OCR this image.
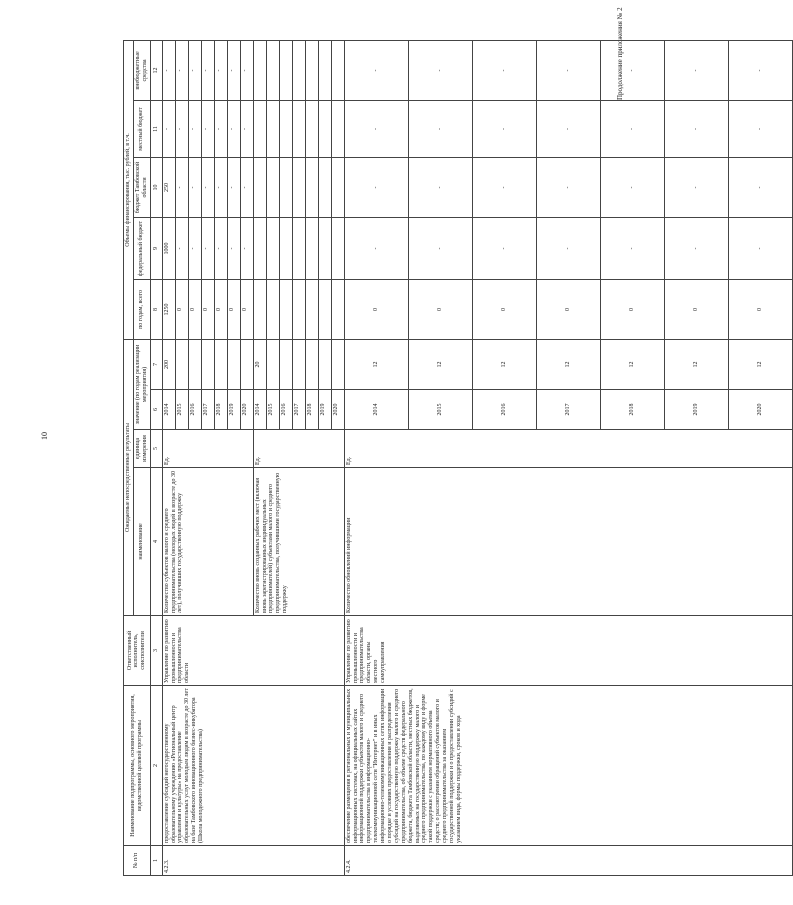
10
Продолжение приложения № 2
№ п/п	Наименование подпрограммы, основного мероприятия, ведомственной целевой программы	Ответственный исполнитель, соисполнители	Ожидаемые непосредственные результаты				Объемы финансирования, тыс. рублей, в т.ч.				
			наименование	единица измерения	значение (по годам реализации мероприятия)		по годам, всего	федеральный бюджет	бюджет Тамбовской области	местный бюджет	внебюджетные средства
1	2	3	4	5	6	7	8	9	10	11	12
4.2.3.	предоставление субсидий негосударственному образовательному учреждению «Региональный центр управления и культуры» на предоставление образовательных услуг молодым людям в возрасте до 30 лет на базе Тамбовского инновационного бизнес-инкубатора (Школа молодежного предпринимательства)	Управление по развитию промышленности и предпринимательства области	Количество субъектов малого и среднего предпринимательства (молодых людей в возрасте до 30 лет), получивших государственную поддержку	Ед.	2014	200	1250	1000	250	-	-
					2015		0	-	-	-	-
					2016		0	-	-	-	-
					2017		0	-	-	-	-
					2018		0	-	-	-	-
					2019		0	-	-	-	-
					2020		0	-	-	-	-
			Количество вновь созданных рабочих мест (включая вновь зарегистрированных индивидуальных предпринимателей) субъектами малого и среднего предпринимательства, получившими государственную поддержку	Ед.	2014	20					
					2015						
					2016						
					2017						
					2018						
					2019						
					2020						
4.2.4.	обеспечение размещения в региональных и муниципальных информационных системах, на официальных сайтах информационной поддержки субъектов малого и среднего предпринимательства в информационно-телекоммуникационной сети "Интернет" и в иных информационно-телекоммуникационных сетях информации о порядке и условиях предоставления и распределения субсидий на государственную поддержку малого и среднего предпринимательства, об объеме средств федерального бюджета, бюджета Тамбовской области, местных бюджетов, выделяемых на государственную поддержку малого и среднего предпринимательства, по каждому виду и форме такой поддержки с указанием нормативного объема средств; о рассмотрении обращений субъектов малого и среднего предпринимательства за оказанием государственной поддержки и о предоставлении субсидий с указанием вида, формы поддержки, сроков и хода	Управление по развитию промышленности и предпринимательства области, органы местного самоуправления	Количество обновлений информации	Ед.	2014	12	0	-	-	-	-
					2015	12	0	-	-	-	-
					2016	12	0	-	-	-	-
					2017	12	0	-	-	-	-
					2018	12	0	-	-	-	-
					2019	12	0	-	-	-	-
					2020	12	0	-	-	-	-
